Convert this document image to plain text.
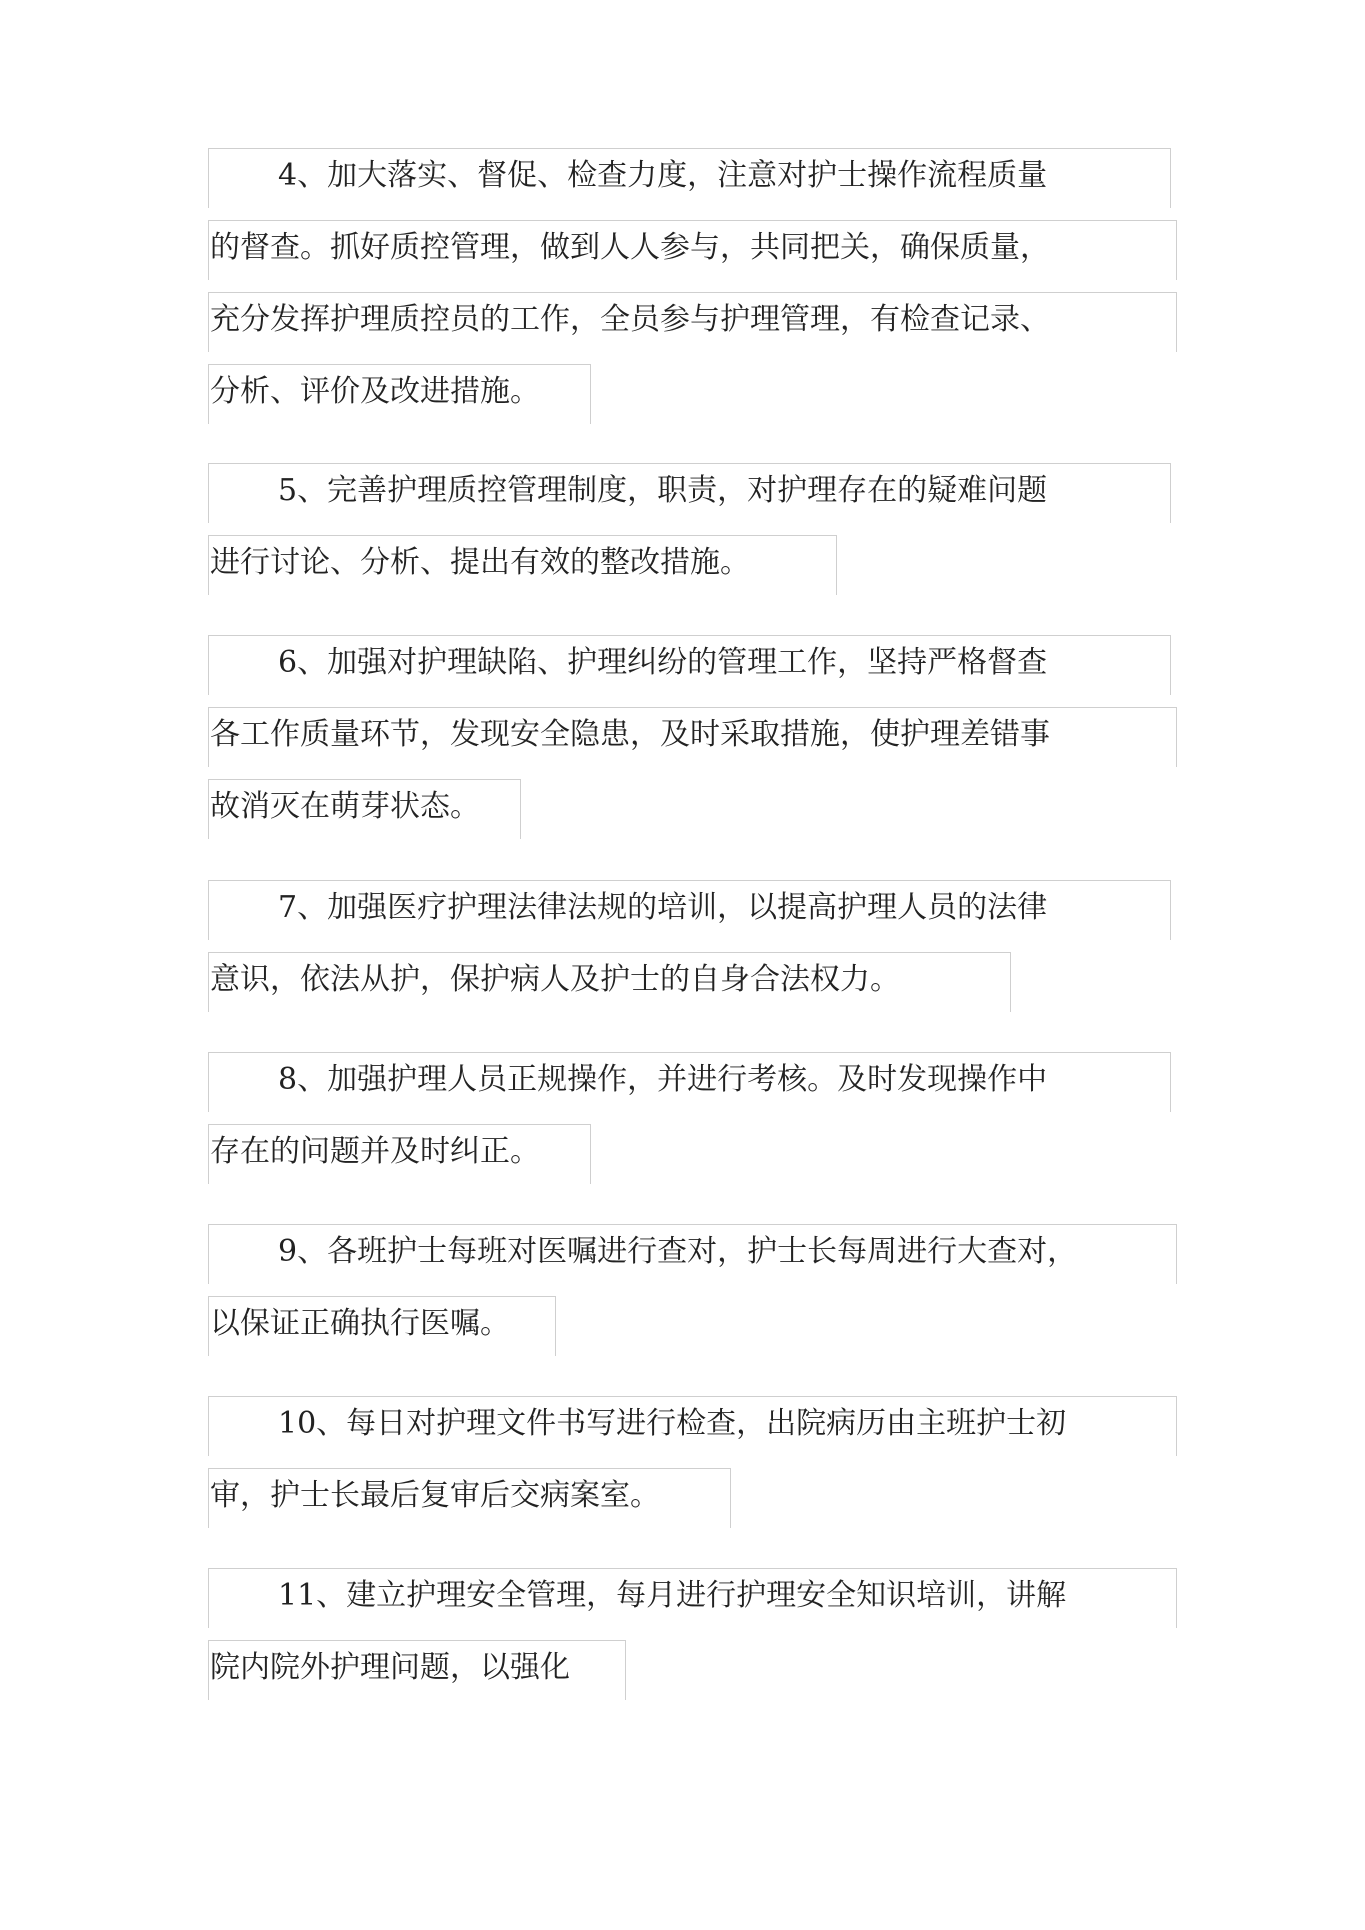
4、加大落实、督促、检查力度，注意对护士操作流程质量
的督查。抓好质控管理，做到人人参与，共同把关，确保质量，
充分发挥护理质控员的工作，全员参与护理管理，有检查记录、
分析、评价及改进措施。
5、完善护理质控管理制度，职责，对护理存在的疑难问题
进行讨论、分析、提出有效的整改措施。
6、加强对护理缺陷、护理纠纷的管理工作，坚持严格督查
各工作质量环节，发现安全隐患，及时采取措施，使护理差错事
故消灭在萌芽状态。
7、加强医疗护理法律法规的培训，以提高护理人员的法律
意识，依法从护，保护病人及护士的自身合法权力。
8、加强护理人员正规操作，并进行考核。及时发现操作中
存在的问题并及时纠正。
9、各班护士每班对医嘱进行查对，护士长每周进行大查对，
以保证正确执行医嘱。
10、每日对护理文件书写进行检查，出院病历由主班护士初
审，护士长最后复审后交病案室。
11、建立护理安全管理，每月进行护理安全知识培训，讲解
院内院外护理问题，以强化
